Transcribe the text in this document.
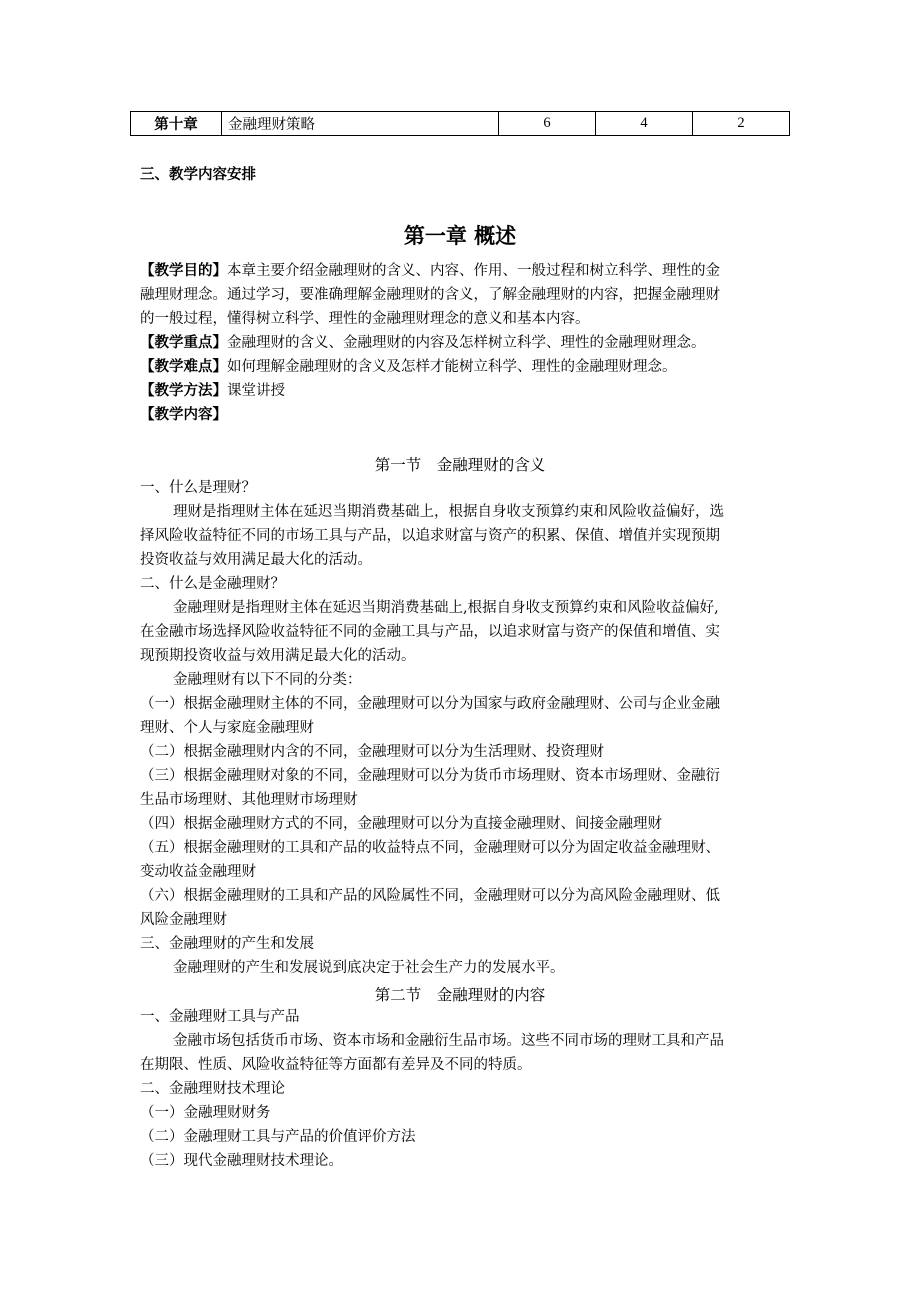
第十章	金融理财策略	6	4	2
三、教学内容安排
第一章 概述
【教学目的】本章主要介绍金融理财的含义、内容、作用、一般过程和树立科学、理性的金
融理财理念。通过学习，要准确理解金融理财的含义，了解金融理财的内容，把握金融理财
的一般过程，懂得树立科学、理性的金融理财理念的意义和基本内容。
【教学重点】金融理财的含义、金融理财的内容及怎样树立科学、理性的金融理财理念。
【教学难点】如何理解金融理财的含义及怎样才能树立科学、理性的金融理财理念。
【教学方法】课堂讲授
【教学内容】
第一节　金融理财的含义
一、什么是理财？
理财是指理财主体在延迟当期消费基础上，根据自身收支预算约束和风险收益偏好，选
择风险收益特征不同的市场工具与产品，以追求财富与资产的积累、保值、增值并实现预期
投资收益与效用满足最大化的活动。
二、什么是金融理财？
金融理财是指理财主体在延迟当期消费基础上,根据自身收支预算约束和风险收益偏好,
在金融市场选择风险收益特征不同的金融工具与产品，以追求财富与资产的保值和增值、实
现预期投资收益与效用满足最大化的活动。
金融理财有以下不同的分类：
（一）根据金融理财主体的不同，金融理财可以分为国家与政府金融理财、公司与企业金融
理财、个人与家庭金融理财
（二）根据金融理财内含的不同，金融理财可以分为生活理财、投资理财
（三）根据金融理财对象的不同，金融理财可以分为货币市场理财、资本市场理财、金融衍
生品市场理财、其他理财市场理财
（四）根据金融理财方式的不同，金融理财可以分为直接金融理财、间接金融理财
（五）根据金融理财的工具和产品的收益特点不同，金融理财可以分为固定收益金融理财、
变动收益金融理财
（六）根据金融理财的工具和产品的风险属性不同，金融理财可以分为高风险金融理财、低
风险金融理财
三、金融理财的产生和发展
金融理财的产生和发展说到底决定于社会生产力的发展水平。
第二节　金融理财的内容
一、金融理财工具与产品
金融市场包括货币市场、资本市场和金融衍生品市场。这些不同市场的理财工具和产品
在期限、性质、风险收益特征等方面都有差异及不同的特质。
二、金融理财技术理论
（一）金融理财财务
（二）金融理财工具与产品的价值评价方法
（三）现代金融理财技术理论。
